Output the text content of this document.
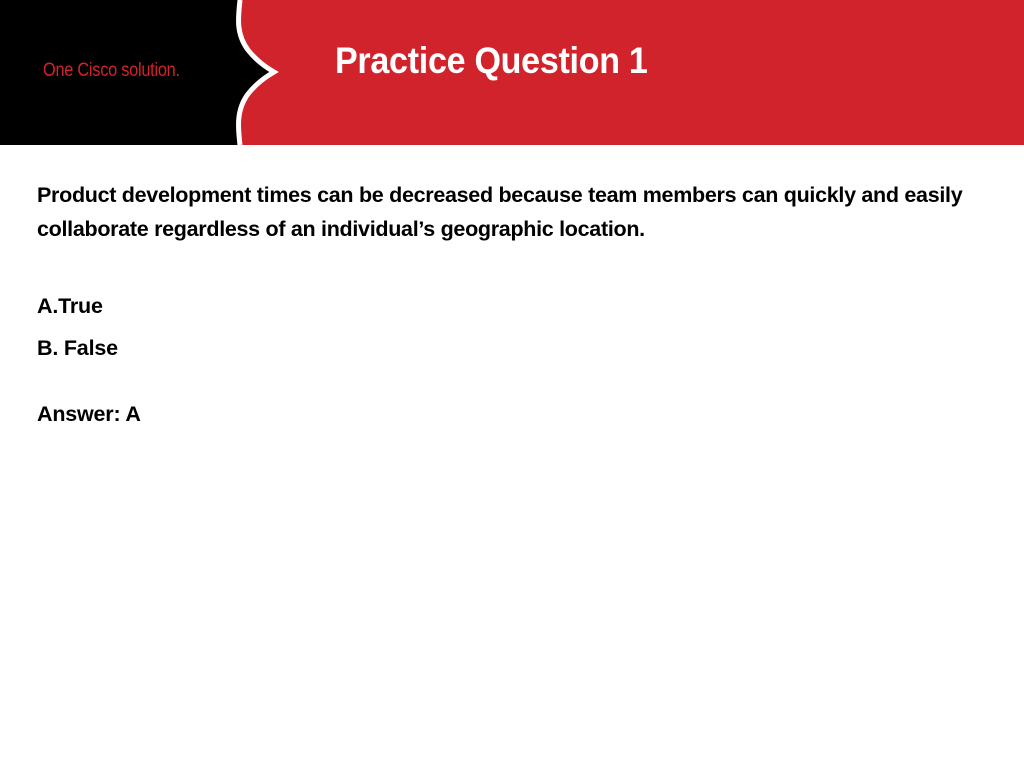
One Cisco solution.	Practice Question 1

Product development times can be decreased because team members can quickly and easily collaborate regardless of an individual’s geographic location.

A.True
B. False

Answer: A
